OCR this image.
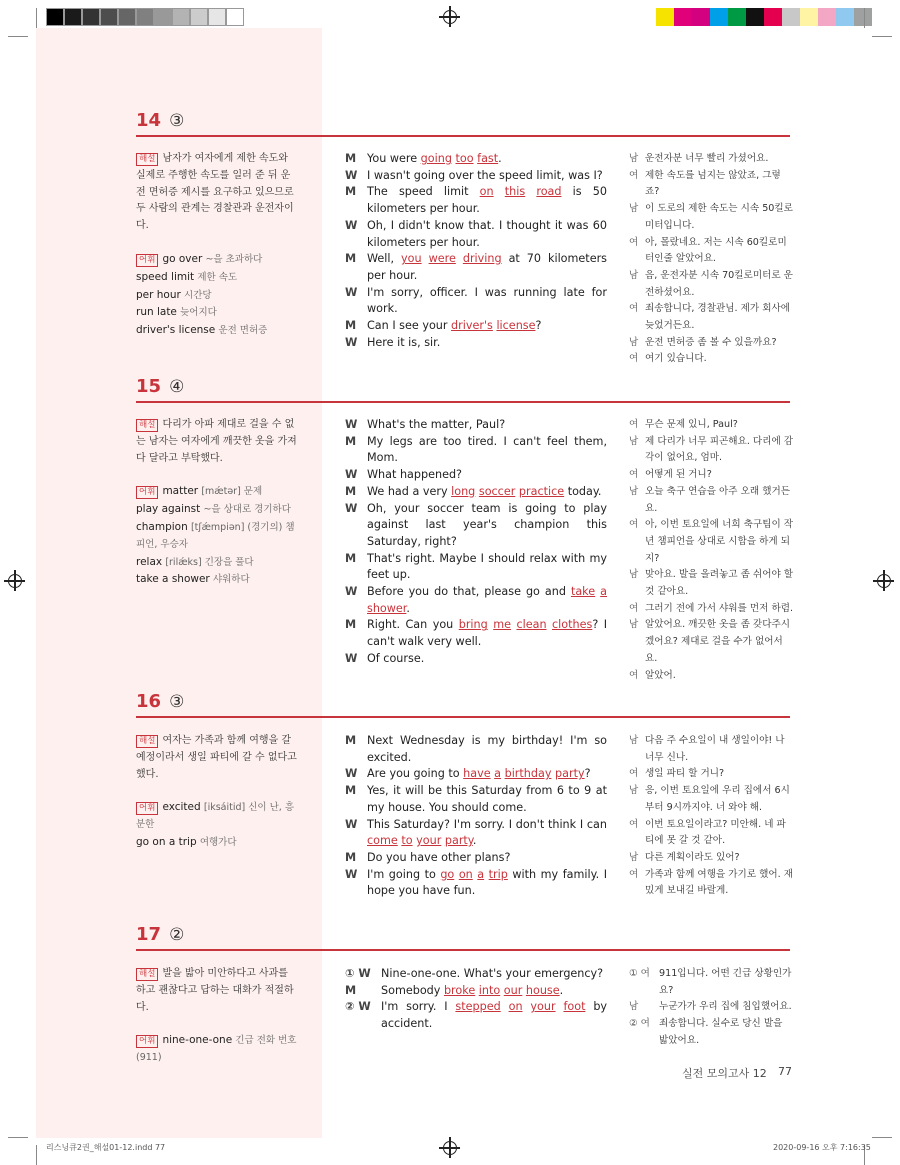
14 ③
해설 남자가 여자에게 제한 속도와 실제로 주행한 속도를 일러 준 뒤 운전 면허증 제시를 요구하고 있으므로 두 사람의 관계는 경찰관과 운전자이다.
어휘 go over ~을 초과하다
speed limit 제한 속도
per hour 시간당
run late 늦어지다
driver's license 운전 면허증
M You were going too fast.
W I wasn't going over the speed limit, was I?
M The speed limit on this road is 50 kilometers per hour.
W Oh, I didn't know that. I thought it was 60 kilometers per hour.
M Well, you were driving at 70 kilometers per hour.
W I'm sorry, officer. I was running late for work.
M Can I see your driver's license?
W Here it is, sir.
남 운전자분 너무 빨리 가셨어요.
여 제한 속도를 넘지는 않았죠, 그렇죠?
남 이 도로의 제한 속도는 시속 50킬로미터입니다.
여 아, 몰랐네요. 저는 시속 60킬로미터인줄 알았어요.
남 음, 운전자분 시속 70킬로미터로 운전하셨어요.
여 죄송합니다, 경찰관님. 제가 회사에 늦었거든요.
남 운전 면허증 좀 볼 수 있을까요?
여 여기 있습니다.
15 ④
해설 다리가 아파 제대로 걸을 수 없는 남자는 여자에게 깨끗한 옷을 가져다 달라고 부탁했다.
어휘 matter [mǽtər] 문제
play against ~을 상대로 경기하다
champion [tʃǽmpiən] (경기의) 챔피언, 우승자
relax [rilǽks] 긴장을 풀다
take a shower 샤워하다
W What's the matter, Paul?
M My legs are too tired. I can't feel them, Mom.
W What happened?
M We had a very long soccer practice today.
W Oh, your soccer team is going to play against last year's champion this Saturday, right?
M That's right. Maybe I should relax with my feet up.
W Before you do that, please go and take a shower.
M Right. Can you bring me clean clothes? I can't walk very well.
W Of course.
여 무슨 문제 있니, Paul?
남 제 다리가 너무 피곤해요. 다리에 감각이 없어요, 엄마.
여 어떻게 된 거니?
남 오늘 축구 연습을 아주 오래 했거든요.
여 아, 이번 토요일에 너희 축구팀이 작년 챔피언을 상대로 시합을 하게 되지?
남 맞아요. 발을 올려놓고 좀 쉬어야 할 것 같아요.
여 그러기 전에 가서 샤워를 먼저 하렴.
남 알았어요. 깨끗한 옷을 좀 갖다주시겠어요? 제대로 걸을 수가 없어서요.
여 알았어.
16 ③
해설 여자는 가족과 함께 여행을 갈 예정이라서 생일 파티에 갈 수 없다고 했다.
어휘 excited [iksáitid] 신이 난, 흥분한
go on a trip 여행가다
M Next Wednesday is my birthday! I'm so excited.
W Are you going to have a birthday party?
M Yes, it will be this Saturday from 6 to 9 at my house. You should come.
W This Saturday? I'm sorry. I don't think I can come to your party.
M Do you have other plans?
W I'm going to go on a trip with my family. I hope you have fun.
남 다음 주 수요일이 내 생일이야! 나 너무 신나.
여 생일 파티 할 거니?
남 응, 이번 토요일에 우리 집에서 6시부터 9시까지야. 너 와야 해.
여 이번 토요일이라고? 미안해. 네 파티에 못 갈 것 같아.
남 다른 계획이라도 있어?
여 가족과 함께 여행을 가기로 했어. 재밌게 보내길 바랄게.
17 ②
해설 발을 밟아 미안하다고 사과를 하고 괜찮다고 답하는 대화가 적절하다.
어휘 nine-one-one 긴급 전화 번호 (911)
① W Nine-one-one. What's your emergency?
M	Somebody broke into our house.
② W I'm sorry. I stepped on your foot by accident.
① 여 911입니다. 어떤 긴급 상황인가요?
남	누군가가 우리 집에 침입했어요.
② 여 죄송합니다. 실수로 당신 발을 밟았어요.
실전 모의고사 12 77
리스닝큐2권_해설01-12.indd 77	2020-09-16 오후 7:16:35
